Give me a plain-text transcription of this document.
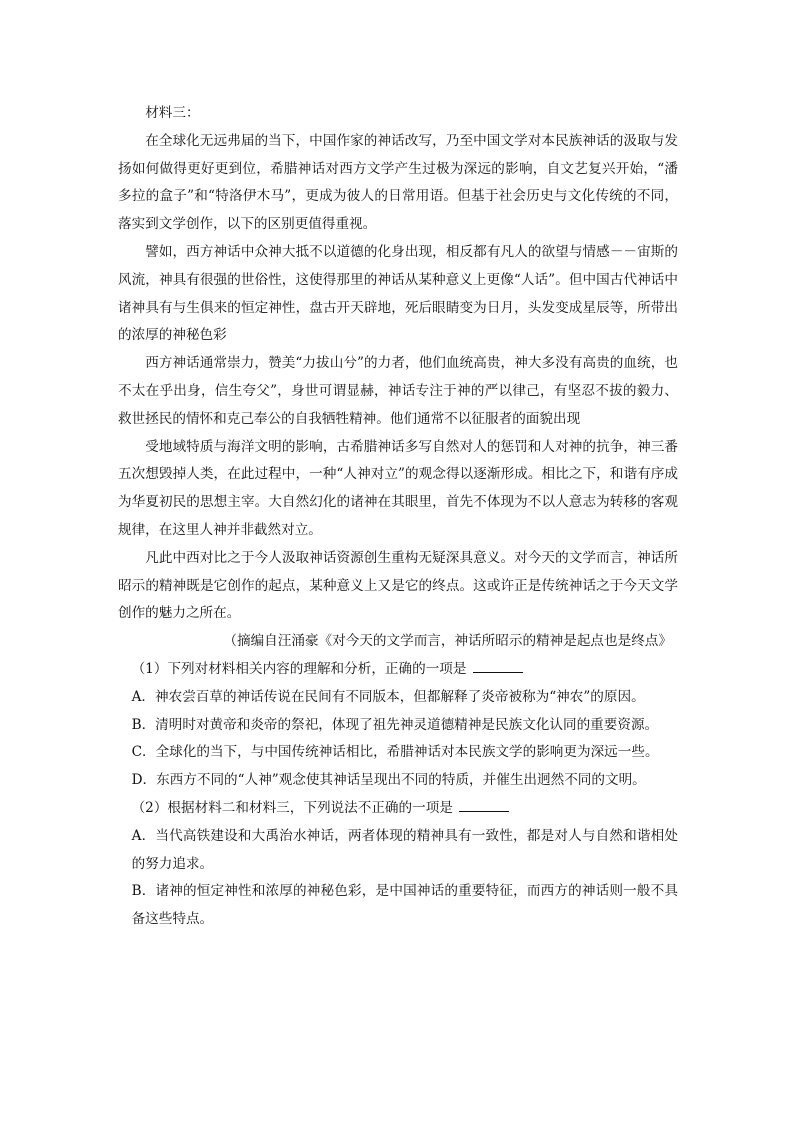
材料三：

在全球化无远弗届的当下，中国作家的神话改写，乃至中国文学对本民族神话的汲取与发扬如何做得更好更到位，希腊神话对西方文学产生过极为深远的影响，自文艺复兴开始，“潘多拉的盒子”和“特洛伊木马”，更成为彼人的日常用语。但基于社会历史与文化传统的不同，落实到文学创作，以下的区别更值得重视。

譬如，西方神话中众神大抵不以道德的化身出现，相反都有凡人的欲望与情感－－宙斯的风流，神具有很强的世俗性，这使得那里的神话从某种意义上更像“人话”。但中国古代神话中诸神具有与生俱来的恒定神性，盘古开天辟地，死后眼睛变为日月，头发变成星辰等，所带出的浓厚的神秘色彩

西方神话通常崇力，赞美“力拔山兮”的力者，他们血统高贵，神大多没有高贵的血统，也不太在乎出身，信生夸父”，身世可谓显赫，神话专注于神的严以律己，有坚忍不拔的毅力、救世拯民的情怀和克己奉公的自我牺牲精神。他们通常不以征服者的面貌出现

受地域特质与海洋文明的影响，古希腊神话多写自然对人的惩罚和人对神的抗争，神三番五次想毁掉人类，在此过程中，一种“人神对立”的观念得以逐渐形成。相比之下，和谐有序成为华夏初民的思想主宰。大自然幻化的诸神在其眼里，首先不体现为不以人意志为转移的客观规律，在这里人神并非截然对立。

凡此中西对比之于今人汲取神话资源创生重构无疑深具意义。对今天的文学而言，神话所昭示的精神既是它创作的起点，某种意义上又是它的终点。这或许正是传统神话之于今天文学创作的魅力之所在。

（摘编自汪涌豪《对今天的文学而言，神话所昭示的精神是起点也是终点》

（1）下列对材料相关内容的理解和分析，正确的一项是

A．神农尝百草的神话传说在民间有不同版本，但都解释了炎帝被称为“神农”的原因。

B．清明时对黄帝和炎帝的祭祀，体现了祖先神灵道德精神是民族文化认同的重要资源。

C．全球化的当下，与中国传统神话相比，希腊神话对本民族文学的影响更为深远一些。

D．东西方不同的“人神”观念使其神话呈现出不同的特质，并催生出迥然不同的文明。

（2）根据材料二和材料三，下列说法不正确的一项是

A．当代高铁建设和大禹治水神话，两者体现的精神具有一致性，都是对人与自然和谐相处的努力追求。

B．诸神的恒定神性和浓厚的神秘色彩，是中国神话的重要特征，而西方的神话则一般不具备这些特点。
